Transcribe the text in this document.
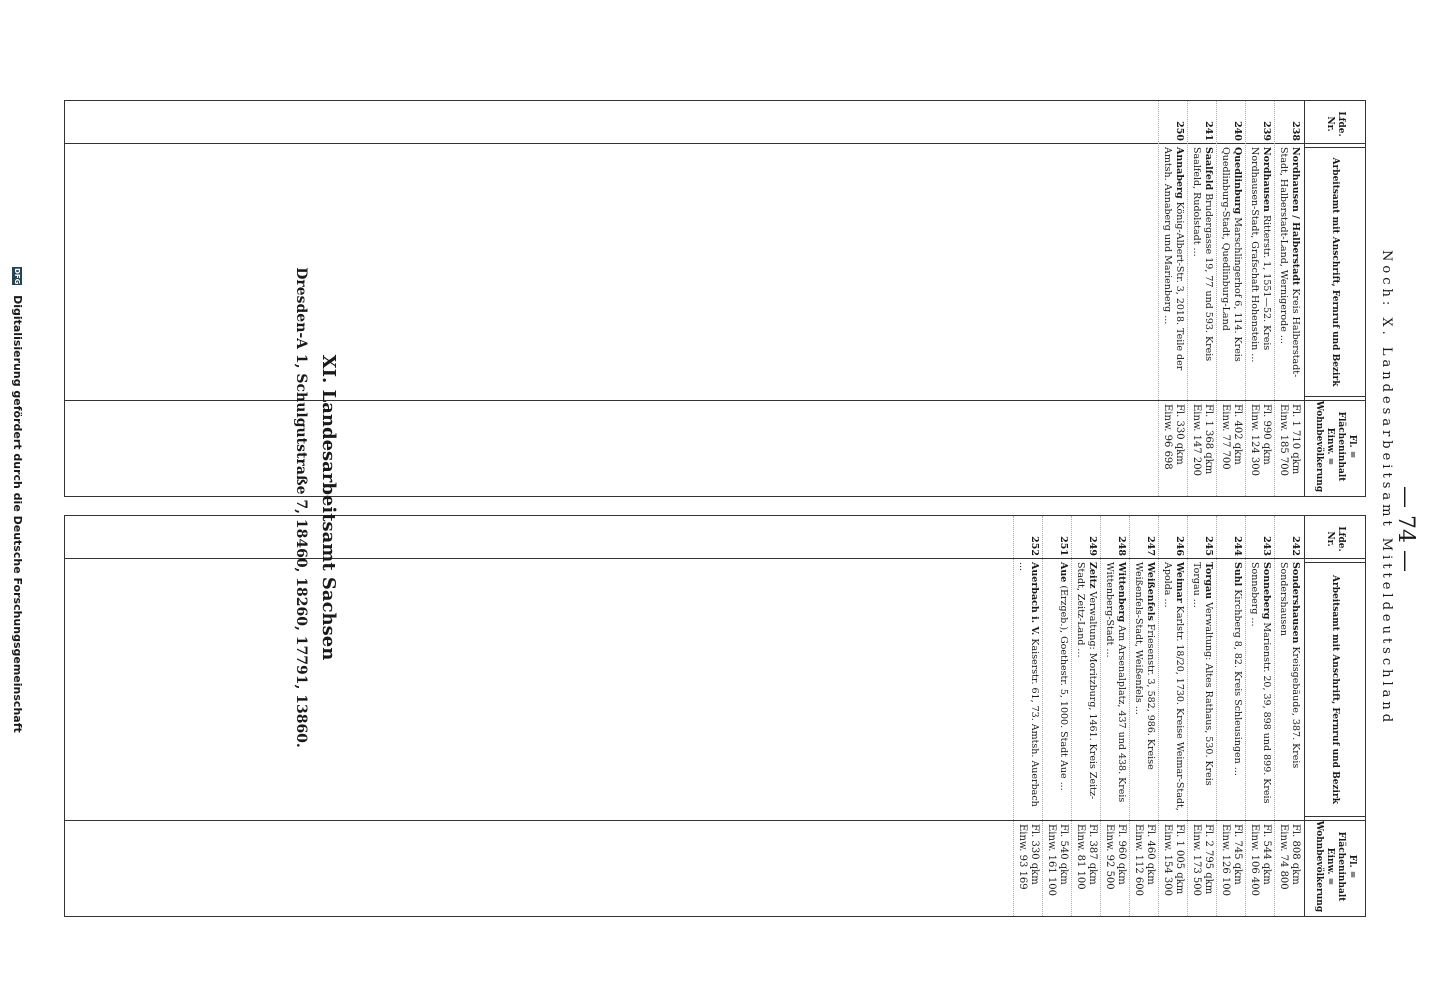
— 74 —
Noch: X. Landesarbeitsamt Mitteldeutschland
Lfde. Nr.
Arbeitsamt mit Anschrift, Fernruf und Bezirk
Fl. = Flächeninhalt Einw. = Wohnbevölkerung
238
Nordhausen / Halberstadt Kreis Halberstadt-Stadt, Halberstadt-Land, Wernigerode ...
Fl. 1 710 qkm
Einw. 185 700
239
Nordhausen Ritterstr. 1, 1551—52. Kreis Nordhausen-Stadt, Grafschaft Hohenstein ...
Fl. 990 qkm
Einw. 124 300
240
Quedlinburg Marschlingerhof 6, 114. Kreis Quedlinburg-Stadt, Quedlinburg-Land
Fl. 402 qkm
Einw. 77 700
241
Saalfeld Brudergasse 19, 77 und 593. Kreis Saalfeld, Rudolstadt ...
Fl. 1 368 qkm
Einw. 147 200
250
Annaberg König-Albert-Str. 3, 2018. Teile der Amtsh. Annaberg und Marienberg ...
Fl. 330 qkm
Einw. 96 698
Lfde. Nr.
Arbeitsamt mit Anschrift, Fernruf und Bezirk
Fl. = Flächeninhalt Einw. = Wohnbevölkerung
242
Sondershausen Kreisgebäude, 387. Kreis Sondershausen
Fl. 808 qkm
Einw. 74 800
243
Sonneberg Marienstr. 20, 39, 898 und 899. Kreis Sonneberg ...
Fl. 544 qkm
Einw. 106 400
244
Suhl Kirchberg 8, 82. Kreis Schleusingen ...
Fl. 745 qkm
Einw. 126 100
245
Torgau Verwaltung: Altes Rathaus, 530. Kreis Torgau ...
Fl. 2 795 qkm
Einw. 173 500
246
Weimar Karlstr. 18/20, 1730. Kreise Weimar-Stadt, Apolda ...
Fl. 1 005 qkm
Einw. 154 300
247
Weißenfels Friesenstr. 3, 582, 986. Kreise Weißenfels-Stadt, Weißenfels ...
Fl. 460 qkm
Einw. 112 600
248
Wittenberg Am Arsenalplatz, 437 und 438. Kreis Wittenberg-Stadt ...
Fl. 960 qkm
Einw. 92 500
249
Zeitz Verwaltung: Moritzburg, 1461. Kreis Zeitz-Stadt, Zeitz-Land ...
Fl. 387 qkm
Einw. 81 100
251
Aue (Erzgeb.), Goethestr. 5, 1000. Stadt Aue ...
Fl. 540 qkm
Einw. 161 100
252
Auerbach i. V. Kaiserstr. 61, 73. Amtsh. Auerbach ...
Fl. 330 qkm
Einw. 93 169
XI. Landesarbeitsamt Sachsen
Dresden-A 1, Schulgutstraße 7, 18460, 18260, 17791, 13860.
DFG Digitalisierung gefördert durch die Deutsche Forschungsgemeinschaft
